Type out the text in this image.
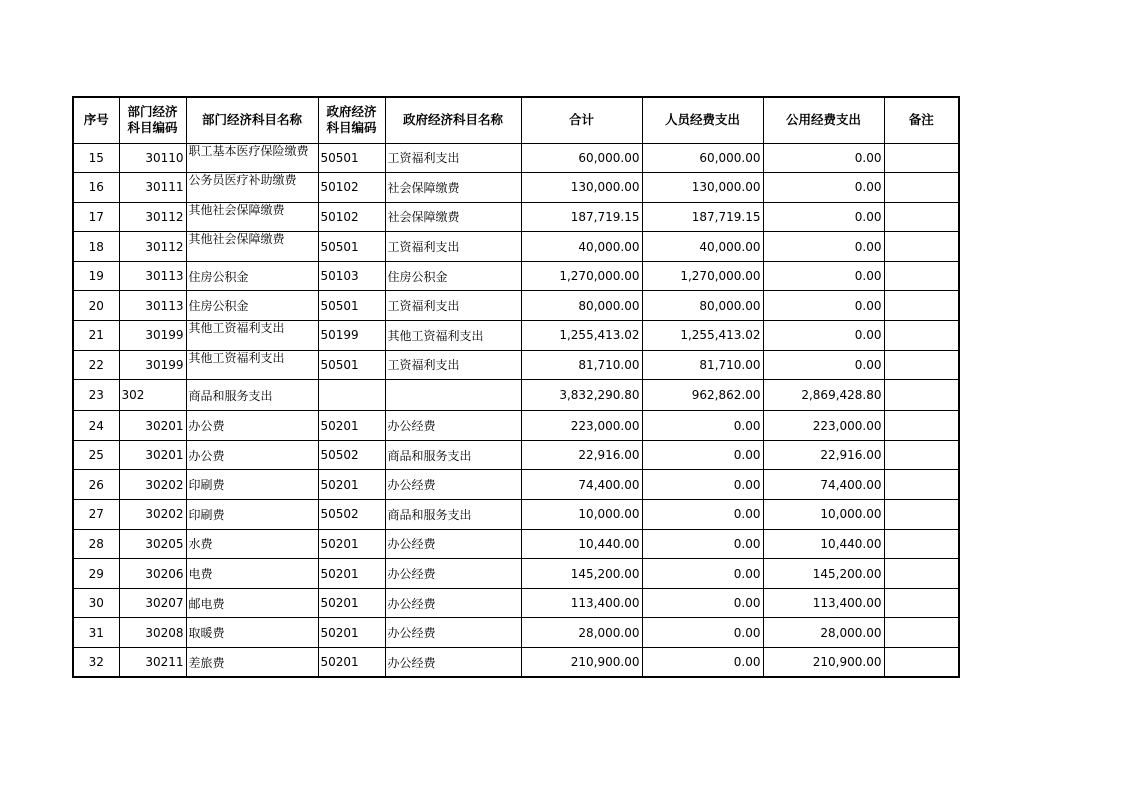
序号	部门经济科目编码	部门经济科目名称	政府经济科目编码	政府经济科目名称	合计	人员经费支出	公用经费支出	备注
15	30110	职工基本医疗保险缴费	50501	工资福利支出	60,000.00	60,000.00	0.00	
16	30111	公务员医疗补助缴费	50102	社会保障缴费	130,000.00	130,000.00	0.00	
17	30112	其他社会保障缴费	50102	社会保障缴费	187,719.15	187,719.15	0.00	
18	30112	其他社会保障缴费	50501	工资福利支出	40,000.00	40,000.00	0.00	
19	30113	住房公积金	50103	住房公积金	1,270,000.00	1,270,000.00	0.00	
20	30113	住房公积金	50501	工资福利支出	80,000.00	80,000.00	0.00	
21	30199	其他工资福利支出	50199	其他工资福利支出	1,255,413.02	1,255,413.02	0.00	
22	30199	其他工资福利支出	50501	工资福利支出	81,710.00	81,710.00	0.00	
23	302	商品和服务支出			3,832,290.80	962,862.00	2,869,428.80	
24	30201	办公费	50201	办公经费	223,000.00	0.00	223,000.00	
25	30201	办公费	50502	商品和服务支出	22,916.00	0.00	22,916.00	
26	30202	印刷费	50201	办公经费	74,400.00	0.00	74,400.00	
27	30202	印刷费	50502	商品和服务支出	10,000.00	0.00	10,000.00	
28	30205	水费	50201	办公经费	10,440.00	0.00	10,440.00	
29	30206	电费	50201	办公经费	145,200.00	0.00	145,200.00	
30	30207	邮电费	50201	办公经费	113,400.00	0.00	113,400.00	
31	30208	取暖费	50201	办公经费	28,000.00	0.00	28,000.00	
32	30211	差旅费	50201	办公经费	210,900.00	0.00	210,900.00	
